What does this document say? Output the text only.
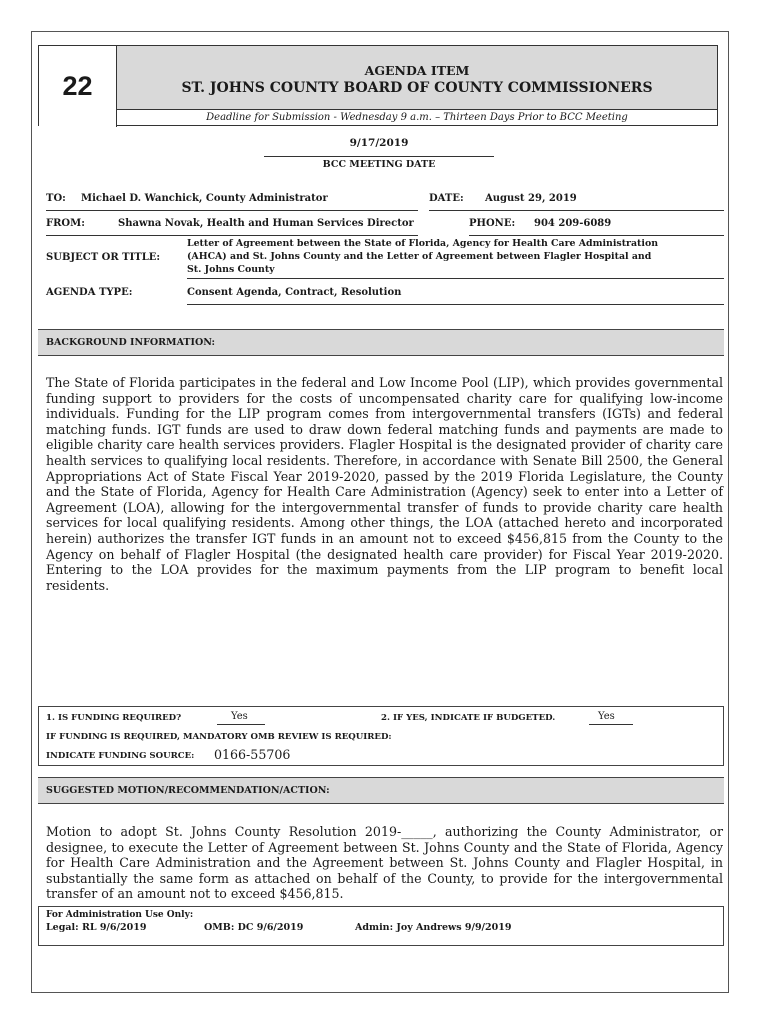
22
AGENDA ITEM
ST. JOHNS COUNTY BOARD OF COUNTY COMMISSIONERS
Deadline for Submission - Wednesday 9 a.m. – Thirteen Days Prior to BCC Meeting
9/17/2019
BCC MEETING DATE
TO: Michael D. Wanchick, County Administrator	DATE: August 29, 2019
FROM:	Shawna Novak, Health and Human Services Director	PHONE: 904 209-6089
SUBJECT OR TITLE:
Letter of Agreement between the State of Florida, Agency for Health Care Administration
(AHCA) and St. Johns County and the Letter of Agreement between Flagler Hospital and
St. Johns County
AGENDA TYPE:	Consent Agenda, Contract, Resolution
BACKGROUND INFORMATION:
The State of Florida participates in the federal and Low Income Pool (LIP), which provides governmental funding support to providers for the costs of uncompensated charity care for qualifying low-income individuals. Funding for the LIP program comes from intergovernmental transfers (IGTs) and federal matching funds. IGT funds are used to draw down federal matching funds and payments are made to eligible charity care health services providers. Flagler Hospital is the designated provider of charity care health services to qualifying local residents. Therefore, in accordance with Senate Bill 2500, the General Appropriations Act of State Fiscal Year 2019-2020, passed by the 2019 Florida Legislature, the County and the State of Florida, Agency for Health Care Administration (Agency) seek to enter into a Letter of Agreement (LOA), allowing for the intergovernmental transfer of funds to provide charity care health services for local qualifying residents. Among other things, the LOA (attached hereto and incorporated herein) authorizes the transfer IGT funds in an amount not to exceed $456,815 from the County to the Agency on behalf of Flagler Hospital (the designated health care provider) for Fiscal Year 2019-2020. Entering to the LOA provides for the maximum payments from the LIP program to benefit local residents.
1. IS FUNDING REQUIRED?	Yes	2. IF YES, INDICATE IF BUDGETED.	Yes
IF FUNDING IS REQUIRED, MANDATORY OMB REVIEW IS REQUIRED:
INDICATE FUNDING SOURCE: 0166-55706
SUGGESTED MOTION/RECOMMENDATION/ACTION:
Motion to adopt St. Johns County Resolution 2019-_____, authorizing the County Administrator, or designee, to execute the Letter of Agreement between St. Johns County and the State of Florida, Agency for Health Care Administration and the Agreement between St. Johns County and Flagler Hospital, in substantially the same form as attached on behalf of the County, to provide for the intergovernmental transfer of an amount not to exceed $456,815.
For Administration Use Only:
Legal: RL 9/6/2019	OMB: DC 9/6/2019	Admin: Joy Andrews 9/9/2019
